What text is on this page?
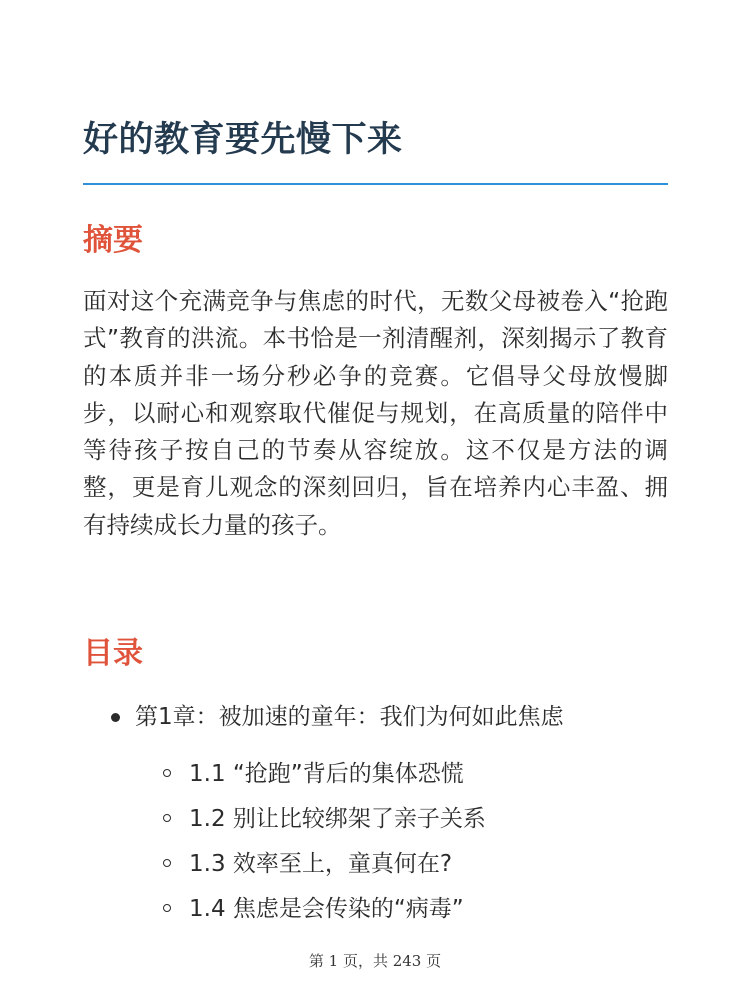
好的教育要先慢下来
摘要

面对这个充满竞争与焦虑的时代，无数父母被卷入“抢跑式”教育的洪流。本书恰是一剂清醒剂，深刻揭示了教育的本质并非一场分秒必争的竞赛。它倡导父母放慢脚步，以耐心和观察取代催促与规划，在高质量的陪伴中等待孩子按自己的节奏从容绽放。这不仅是方法的调整，更是育儿观念的深刻回归，旨在培养内心丰盈、拥有持续成长力量的孩子。

目录
第1章：被加速的童年：我们为何如此焦虑
1.1 “抢跑”背后的集体恐慌
1.2 别让比较绑架了亲子关系
1.3 效率至上，童真何在?
1.4 焦虑是会传染的“病毒”
第 1 页，共 243 页
